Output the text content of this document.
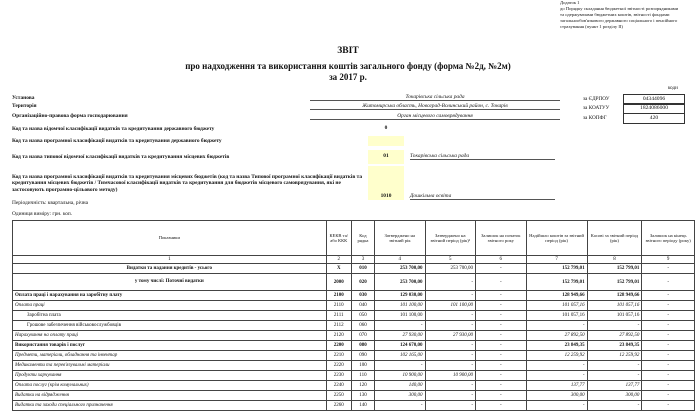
Додаток 1
до Порядку складання бюджетної звітності розпорядниками
та одержувачами бюджетних коштів, звітності фондами
загальнообов'язкового державного соціального і пенсійного
страхування (пункт 1 розділу II)
ЗВІТ
про надходження та використання коштів загального фонду (форма №2д, №2м)
за 2017 р.
коди
Установа	Токарівська сільська рада
Територія	Житомирська область, Новоград-Волинський район, с. Токарів
Організаційно-правова форма господарювання	Орган місцевого самоврядування
за ЄДРПОУ	04344096
за КОАТУУ	1824086000
за КОПФГ	420
Код та назва відомчої класифікації видатків та кредитування державного бюджету	0
Код та назва програмної класифікації видатків та кредитування державного бюджету
Код та назва типової відомчої класифікації видатків та кредитування місцевих бюджетів	01	Токарівська сільська рада
Код та назва програмної класифікації видатків та кредитування місцевих бюджетів (код та назва Типової програмної класифікації видатків та кредитування місцевих бюджетів / Тимчасової класифікації видатків та кредитування для бюджетів місцевого самоврядування, які не застосовують програмно-цільового методу)
1010	Дошкільна освіта
Періодичність: квартальна, річна
Одиниця виміру: грн. коп.
Показники	КЕКВ та/або ККК	Код рядка	Затверджено на звітний рік	Затверджено на звітний період (рік)¹	Залишок на початок звітного року	Надійшло коштів за звітний період (рік)	Касові за звітний період (рік)	Залишок на кінець звітного періоду (року)
1	2	3	4	5	6	7	8	9
Видатки та надання кредитів - усього	X	010	253 700,00	253 700,00	-	152 799,01	152 799,01	-
у тому числі: Поточні видатки	2000	020	253 700,00	-	-	152 799,01	152 799,01	-
Оплата праці і нарахування на заробітну плату	2100	030	129 030,00	-	-	128 949,66	128 949,66	-
Оплата праці	2110	040	101 100,00	101 100,00	-	101 057,16	101 057,16	-
Заробітна плата	2111	050	101 100,00	-	-	101 057,16	101 057,16	-
Грошове забезпечення військовослужбовців	2112	060	-	-	-	-	-	-
Нарахування на оплату праці	2120	070	27 930,00	27 930,00	-	27 892,50	27 892,50	-
Використання товарів і послуг	2200	080	124 670,00	-	-	23 849,35	23 849,35	-
Предмети, матеріали, обладнання та інвентар	2210	090	102 165,00	-	-	12 259,92	12 259,92	-
Медикаменти та перев'язувальні матеріали	2220	100	-	-	-	-	-	-
Продукти харчування	2230	110	10 900,00	10 900,00	-	-	-	-
Оплата послуг (крім комунальних)	2240	120	140,00	-	-	137,77	137,77	-
Видатки на відрядження	2250	130	300,00	-	-	300,00	300,00	-
Видатки та заходи спеціального призначення	2260	140	-	-	-	-	-	-
